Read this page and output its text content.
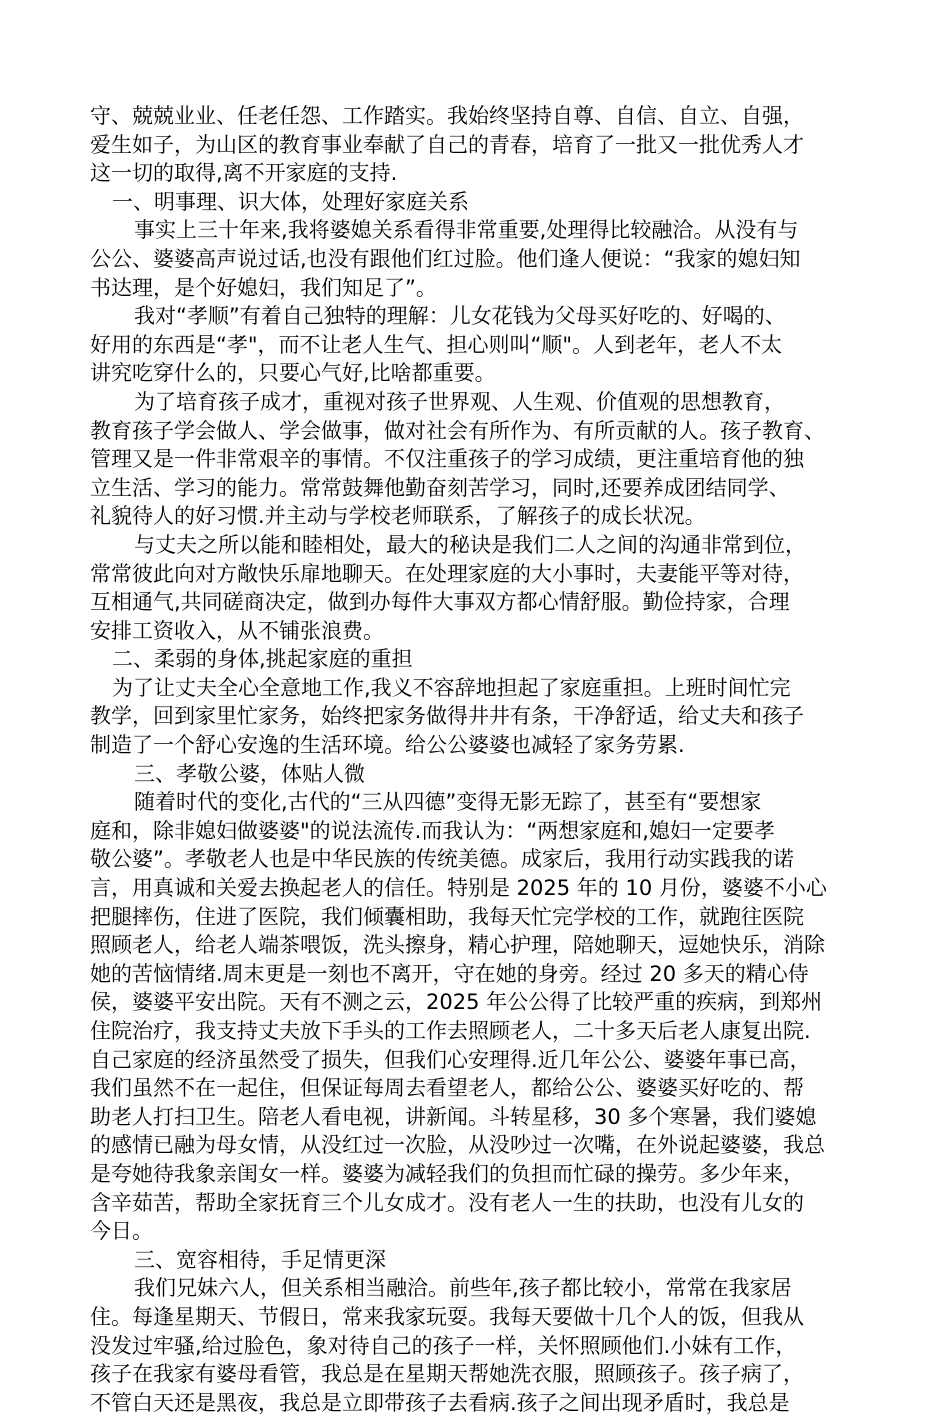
守、兢兢业业、任老任怨、工作踏实。我始终坚持自尊、自信、自立、自强，
爱生如子，为山区的教育事业奉献了自己的青春，培育了一批又一批优秀人才
这一切的取得,离不开家庭的支持.
一、明事理、识大体，处理好家庭关系
事实上三十年来,我将婆媳关系看得非常重要,处理得比较融洽。从没有与
公公、婆婆高声说过话,也没有跟他们红过脸。他们逢人便说：“我家的媳妇知
书达理，是个好媳妇，我们知足了”。
我对“孝顺”有着自己独特的理解：儿女花钱为父母买好吃的、好喝的、
好用的东西是“孝"，而不让老人生气、担心则叫“顺"。人到老年，老人不太
讲究吃穿什么的，只要心气好,比啥都重要。
为了培育孩子成才，重视对孩子世界观、人生观、价值观的思想教育，
教育孩子学会做人、学会做事，做对社会有所作为、有所贡献的人。孩子教育、
管理又是一件非常艰辛的事情。不仅注重孩子的学习成绩，更注重培育他的独
立生活、学习的能力。常常鼓舞他勤奋刻苦学习，同时,还要养成团结同学、
礼貌待人的好习惯.并主动与学校老师联系，了解孩子的成长状况。
与丈夫之所以能和睦相处，最大的秘诀是我们二人之间的沟通非常到位，
常常彼此向对方敞快乐扉地聊天。在处理家庭的大小事时，夫妻能平等对待，
互相通气,共同磋商决定，做到办每件大事双方都心情舒服。勤俭持家，合理
安排工资收入，从不铺张浪费。
二、柔弱的身体,挑起家庭的重担
为了让丈夫全心全意地工作,我义不容辞地担起了家庭重担。上班时间忙完
教学，回到家里忙家务，始终把家务做得井井有条，干净舒适，给丈夫和孩子
制造了一个舒心安逸的生活环境。给公公婆婆也减轻了家务劳累.
三、孝敬公婆，体贴人微
随着时代的变化,古代的“三从四德”变得无影无踪了，甚至有“要想家
庭和，除非媳妇做婆婆"的说法流传.而我认为：“两想家庭和,媳妇一定要孝
敬公婆”。孝敬老人也是中华民族的传统美德。成家后，我用行动实践我的诺
言，用真诚和关爱去换起老人的信任。特别是 2025 年的 10 月份，婆婆不小心
把腿摔伤，住进了医院，我们倾囊相助，我每天忙完学校的工作，就跑往医院
照顾老人，给老人端茶喂饭，洗头擦身，精心护理，陪她聊天，逗她快乐，消除
她的苦恼情绪.周末更是一刻也不离开，守在她的身旁。经过 20 多天的精心侍
侯，婆婆平安出院。天有不测之云，2025 年公公得了比较严重的疾病，到郑州
住院治疗，我支持丈夫放下手头的工作去照顾老人，二十多天后老人康复出院.
自己家庭的经济虽然受了损失，但我们心安理得.近几年公公、婆婆年事已高，
我们虽然不在一起住，但保证每周去看望老人，都给公公、婆婆买好吃的、帮
助老人打扫卫生。陪老人看电视，讲新闻。斗转星移，30 多个寒暑，我们婆媳
的感情已融为母女情，从没红过一次脸，从没吵过一次嘴，在外说起婆婆，我总
是夸她待我象亲闺女一样。婆婆为减轻我们的负担而忙碌的操劳。多少年来，
含辛茹苦，帮助全家抚育三个儿女成才。没有老人一生的扶助，也没有儿女的
今日。
三、宽容相待，手足情更深
我们兄妹六人，但关系相当融洽。前些年,孩子都比较小，常常在我家居
住。每逢星期天、节假日，常来我家玩耍。我每天要做十几个人的饭，但我从
没发过牢骚,给过脸色，象对待自己的孩子一样，关怀照顾他们.小妹有工作，
孩子在我家有婆母看管，我总是在星期天帮她洗衣服，照顾孩子。孩子病了，
不管白天还是黑夜，我总是立即带孩子去看病.孩子之间出现矛盾时，我总是
